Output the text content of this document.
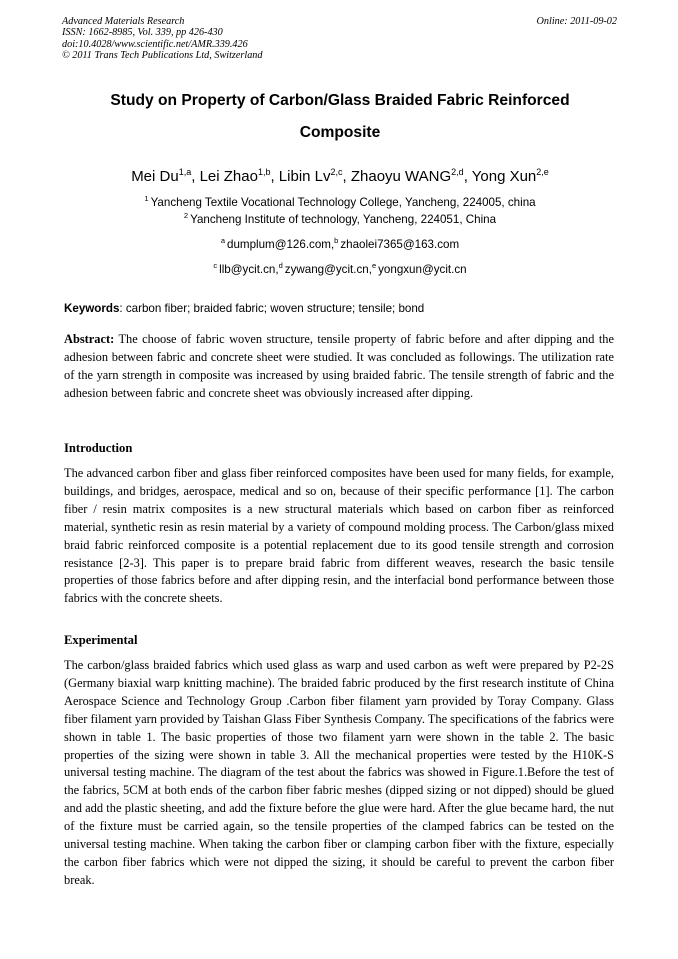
Advanced Materials Research
ISSN: 1662-8985, Vol. 339, pp 426-430
doi:10.4028/www.scientific.net/AMR.339.426
© 2011 Trans Tech Publications Ltd, Switzerland
Online: 2011-09-02
Study on Property of Carbon/Glass Braided Fabric Reinforced
Composite
Mei Du$^{1,a}$, Lei Zhao$^{1,b}$, Libin Lv$^{2,c}$, Zhaoyu WANG$^{2,d}$, Yong Xun$^{2,e}$
$^1$ Yancheng Textile Vocational Technology College, Yancheng, 224005, china
$^2$ Yancheng Institute of technology, Yancheng, 224051, China
$^a$ dumplum@126.com,$^b$ zhaolei7365@163.com
$^c$ llb@ycit.cn,$^d$ zywang@ycit.cn,$^e$ yongxun@ycit.cn
Keywords: carbon fiber; braided fabric; woven structure; tensile; bond

Abstract: The choose of fabric woven structure, tensile property of fabric before and after dipping and the adhesion between fabric and concrete sheet were studied. It was concluded as followings. The utilization rate of the yarn strength in composite was increased by using braided fabric. The tensile strength of fabric and the adhesion between fabric and concrete sheet was obviously increased after dipping.

Introduction

The advanced carbon fiber and glass fiber reinforced composites have been used for many fields, for example, buildings, and bridges, aerospace, medical and so on, because of their specific performance [1]. The carbon fiber / resin matrix composites is a new structural materials which based on carbon fiber as reinforced material, synthetic resin as resin material by a variety of compound molding process. The Carbon/glass mixed braid fabric reinforced composite is a potential replacement due to its good tensile strength and corrosion resistance [2-3]. This paper is to prepare braid fabric from different weaves, research the basic tensile properties of those fabrics before and after dipping resin, and the interfacial bond performance between those fabrics with the concrete sheets.

Experimental

The carbon/glass braided fabrics which used glass as warp and used carbon as weft were prepared by P2-2S (Germany biaxial warp knitting machine). The braided fabric produced by the first research institute of China Aerospace Science and Technology Group .Carbon fiber filament yarn provided by Toray Company. Glass fiber filament yarn provided by Taishan Glass Fiber Synthesis Company. The specifications of the fabrics were shown in table 1. The basic properties of those two filament yarn were shown in the table 2. The basic properties of the sizing were shown in table 3. All the mechanical properties were tested by the H10K-S universal testing machine. The diagram of the test about the fabrics was showed in Figure.1.Before the test of the fabrics, 5CM at both ends of the carbon fiber fabric meshes (dipped sizing or not dipped) should be glued and add the plastic sheeting, and add the fixture before the glue were hard. After the glue became hard, the nut of the fixture must be carried again, so the tensile properties of the clamped fabrics can be tested on the universal testing machine. When taking the carbon fiber or clamping carbon fiber with the fixture, especially the carbon fiber fabrics which were not dipped the sizing, it should be careful to prevent the carbon fiber break.
